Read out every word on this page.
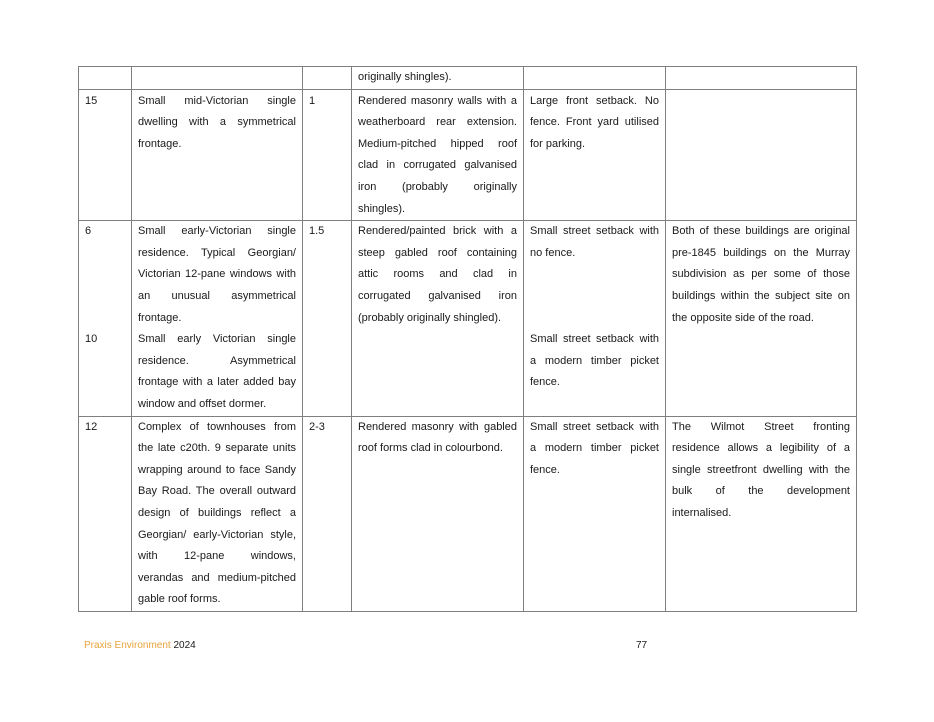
			originally shingles).		
15	Small mid-Victorian single dwelling with a symmetrical frontage.	1	Rendered masonry walls with a weatherboard rear extension. Medium-pitched hipped roof clad in corrugated galvanised iron (probably originally shingles).	Large front setback. No fence. Front yard utilised for parking.	
6	Small early-Victorian single residence. Typical Georgian/ Victorian 12-pane windows with an unusual asymmetrical frontage.	1.5	Rendered/painted brick with a steep gabled roof containing attic rooms and clad in corrugated galvanised iron (probably originally shingled).	Small street setback with no fence.	Both of these buildings are original pre-1845 buildings on the Murray subdivision as per some of those buildings within the subject site on the opposite side of the road.
10	Small early Victorian single residence. Asymmetrical frontage with a later added bay window and offset dormer.			Small street setback with a modern timber picket fence.	
12	Complex of townhouses from the late c20th. 9 separate units wrapping around to face Sandy Bay Road. The overall outward design of buildings reflect a Georgian/ early-Victorian style, with 12-pane windows, verandas and medium-pitched gable roof forms.	2-3	Rendered masonry with gabled roof forms clad in colourbond.	Small street setback with a modern timber picket fence.	The Wilmot Street fronting residence allows a legibility of a single streetfront dwelling with the bulk of the development internalised.
Praxis Environment 2024	77
